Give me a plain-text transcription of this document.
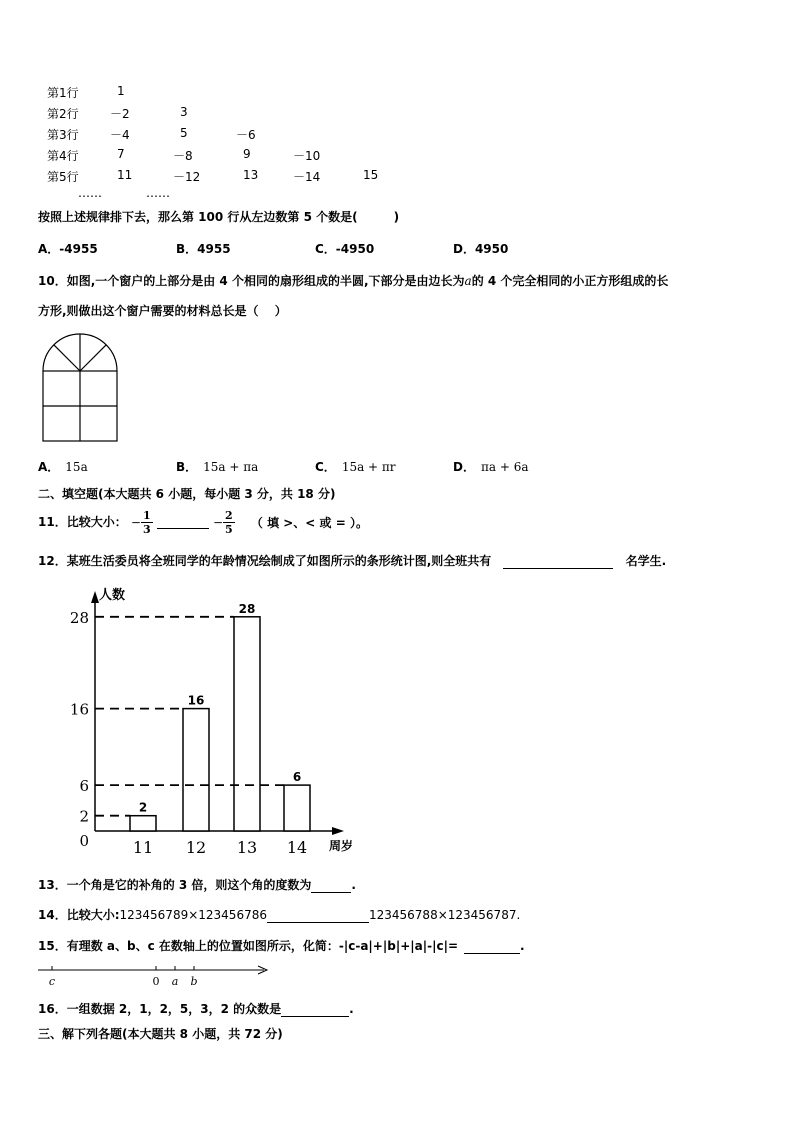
第1行	1
第2行	－2	3
第3行	－4	5	－6
第4行	7	－8	9	－10
第5行	11	－12	13	－14	15
……	……
按照上述规律排下去，那么第 100 行从左边数第 5 个数是(　　　)
A．-4955	B．4955	C．-4950	D．4950
10．如图,一个窗户的上部分是由 4 个相同的扇形组成的半圆,下部分是由边长为a的 4 个完全相同的小正方形组成的长
方形,则做出这个窗户需要的材料总长是（　 ）
A． 15a	B． 15a + πa	C． 15a + πr	D． πa + 6a
二、填空题(本大题共 6 小题，每小题 3 分，共 18 分)
11．比较大小： − $\frac{1}{3}$	− $\frac{2}{5}$ （ 填 >、< 或 = ）。
12．某班生活委员将全班同学的年龄情况绘制成了如图所示的条形统计图,则全班共有	名学生.
人数
周岁
28
16
6
2
0
2
11
16
12
28
13
6
14
13．一个角是它的补角的 3 倍，则这个角的度数为	.
14．比较大小:123456789×123456786	123456788×123456787.
15．有理数 a、b、c 在数轴上的位置如图所示，化简：-|c-a|+|b|+|a|-|c|=	.
c	0 a b
16．一组数据 2，1，2，5，3，2 的众数是	.
三、解下列各题(本大题共 8 小题，共 72 分)
